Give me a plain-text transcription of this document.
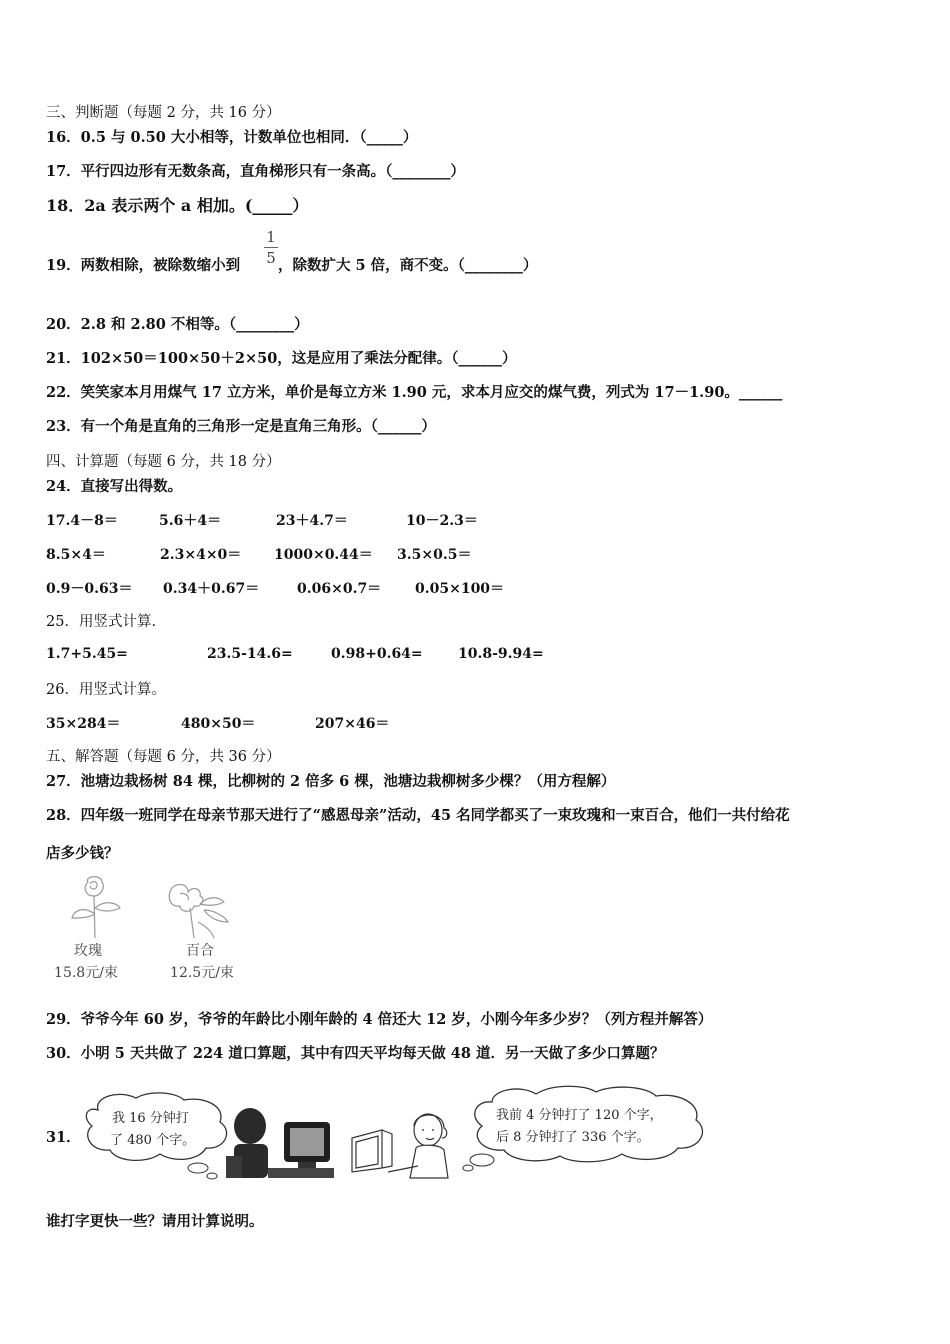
三、判断题（每题 2 分，共 16 分）
16．0.5 与 0.50 大小相等，计数单位也相同．（_____）
17．平行四边形有无数条高，直角梯形只有一条高。（________）
18．2a 表示两个 a 相加。(_____）
19．两数相除，被除数缩小到
1
5 ，除数扩大 5 倍，商不变。（________）
20．2.8 和 2.80 不相等。（________）
21．102×50＝100×50＋2×50，这是应用了乘法分配律。（______）
22．笑笑家本月用煤气 17 立方米，单价是每立方米 1.90 元，求本月应交的煤气费，列式为 17－1.90。______
23．有一个角是直角的三角形一定是直角三角形。（______）
四、计算题（每题 6 分，共 18 分）
24．直接写出得数。
17.4－8＝	5.6＋4＝	23＋4.7＝	10－2.3＝
8.5×4＝	2.3×4×0＝ 1000×0.44＝ 3.5×0.5＝
0.9－0.63＝ 0.34＋0.67＝	0.06×0.7＝ 0.05×100＝
25．用竖式计算.
1.7+5.45=	23.5-14.6=	0.98+0.64=	10.8-9.94=
26．用竖式计算。
35×284＝	480×50＝	207×46＝
五、解答题（每题 6 分，共 36 分）
27．池塘边栽杨树 84 棵，比柳树的 2 倍多 6 棵，池塘边栽柳树多少棵？（用方程解）
28．四年级一班同学在母亲节那天进行了“感恩母亲”活动，45 名同学都买了一束玫瑰和一束百合，他们一共付给花
店多少钱？
玫瑰
15.8元/束
百合
12.5元/束
29．爷爷今年 60 岁，爷爷的年龄比小刚年龄的 4 倍还大 12 岁，小刚今年多少岁？（列方程并解答）
30．小明 5 天共做了 224 道口算题，其中有四天平均每天做 48 道．另一天做了多少口算题？
31．
我 16 分钟打
了 480 个字。
我前 4 分钟打了 120 个字，
后 8 分钟打了 336 个字。
谁打字更快一些？请用计算说明。
